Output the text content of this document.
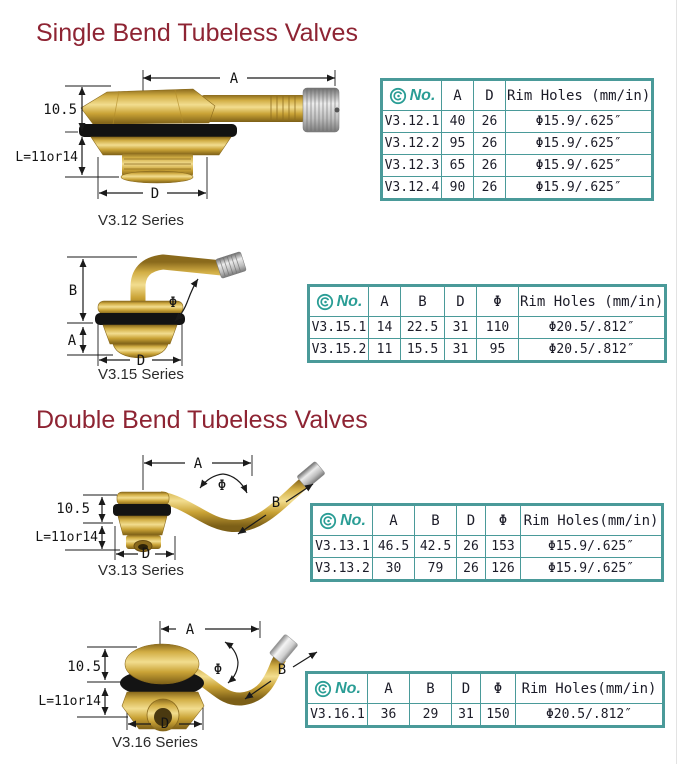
Single Bend Tubeless Valves
A
10.5
L=11or14
D
V3.12 Series
No.	A	D	Rim Holes (mm/in)
V3.12.1	40	26	Φ15.9/.625″
V3.12.2	95	26	Φ15.9/.625″
V3.12.3	65	26	Φ15.9/.625″
V3.12.4	90	26	Φ15.9/.625″
B
A
D
Φ
V3.15 Series
No.	A	B	D	Φ	Rim Holes (mm/in)
V3.15.1	14	22.5	31	110	Φ20.5/.812″
V3.15.2	11	15.5	31	95	Φ20.5/.812″
Double Bend Tubeless Valves
A
Φ
B
10.5
L=11or14
D
V3.13 Series
No.	A	B	D	Φ	Rim Holes(mm/in)
V3.13.1	46.5	42.5	26	153	Φ15.9/.625″
V3.13.2	30	79	26	126	Φ15.9/.625″
A
Φ	B
10.5
L=11or14
D
V3.16 Series
No.	A	B	D	Φ	Rim Holes(mm/in)
V3.16.1	36	29	31	150	Φ20.5/.812″
